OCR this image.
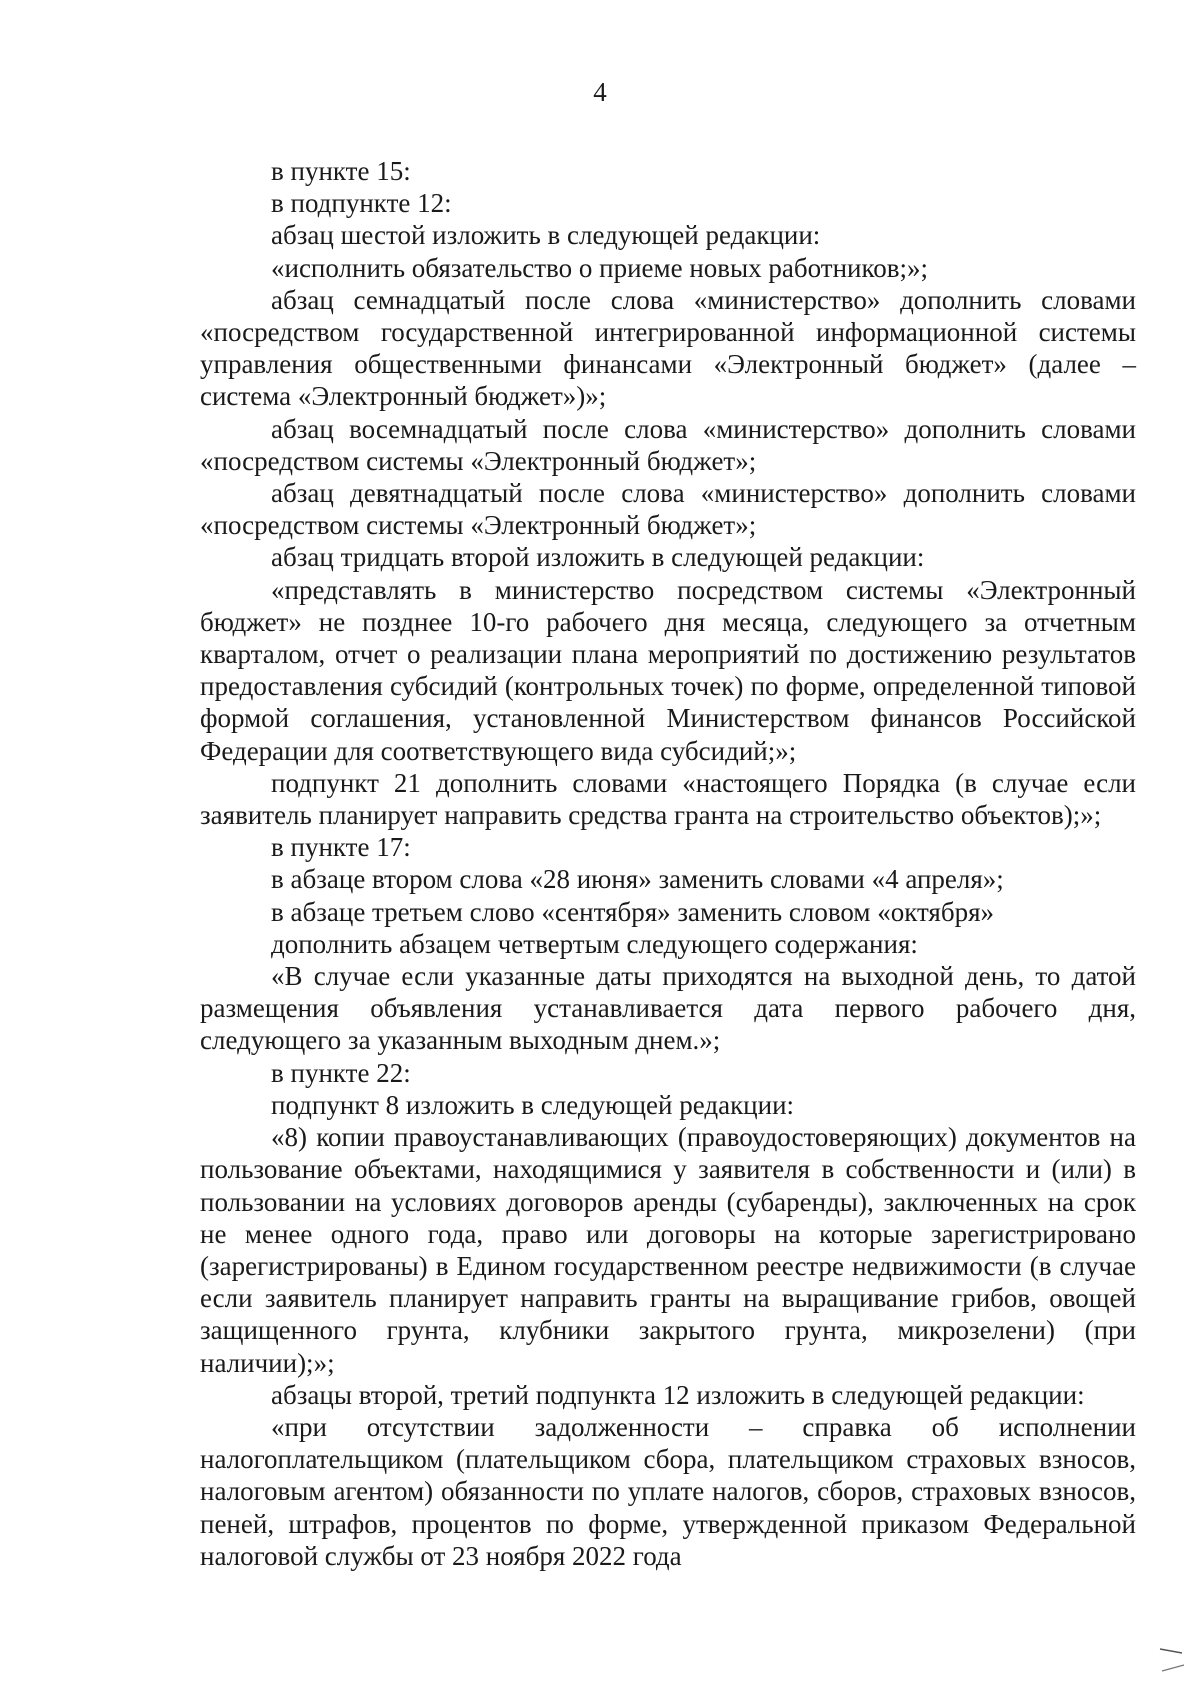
4

в пункте 15:

в подпункте 12:

абзац шестой изложить в следующей редакции:

«исполнить обязательство о приеме новых работников;»;

абзац семнадцатый после слова «министерство» дополнить словами «посредством государственной интегрированной информационной системы управления общественными финансами «Электронный бюджет» (далее – система «Электронный бюджет»)»;

абзац восемнадцатый после слова «министерство» дополнить словами «посредством системы «Электронный бюджет»;

абзац девятнадцатый после слова «министерство» дополнить словами «посредством системы «Электронный бюджет»;

абзац тридцать второй изложить в следующей редакции:

«представлять в министерство посредством системы «Электронный бюджет» не позднее 10-го рабочего дня месяца, следующего за отчетным кварталом, отчет о реализации плана мероприятий по достижению результатов предоставления субсидий (контрольных точек) по форме, определенной типовой формой соглашения, установленной Министерством финансов Российской Федерации для соответствующего вида субсидий;»;

подпункт 21 дополнить словами «настоящего Порядка (в случае если заявитель планирует направить средства гранта на строительство объектов);»;

в пункте 17:

в абзаце втором слова «28 июня» заменить словами «4 апреля»;

в абзаце третьем слово «сентября» заменить словом «октября»

дополнить абзацем четвертым следующего содержания:

«В случае если указанные даты приходятся на выходной день, то датой размещения объявления устанавливается дата первого рабочего дня, следующего за указанным выходным днем.»;

в пункте 22:

подпункт 8 изложить в следующей редакции:

«8) копии правоустанавливающих (правоудостоверяющих) документов на пользование объектами, находящимися у заявителя в собственности и (или) в пользовании на условиях договоров аренды (субаренды), заключенных на срок не менее одного года, право или договоры на которые зарегистрировано (зарегистрированы) в Едином государственном реестре недвижимости (в случае если заявитель планирует направить гранты на выращивание грибов, овощей защищенного грунта, клубники закрытого грунта, микрозелени) (при наличии);»;

абзацы второй, третий подпункта 12 изложить в следующей редакции:

«при отсутствии задолженности – справка об исполнении налогоплательщиком (плательщиком сбора, плательщиком страховых взносов, налоговым агентом) обязанности по уплате налогов, сборов, страховых взносов, пеней, штрафов, процентов по форме, утвержденной приказом Федеральной налоговой службы от 23 ноября 2022 года
